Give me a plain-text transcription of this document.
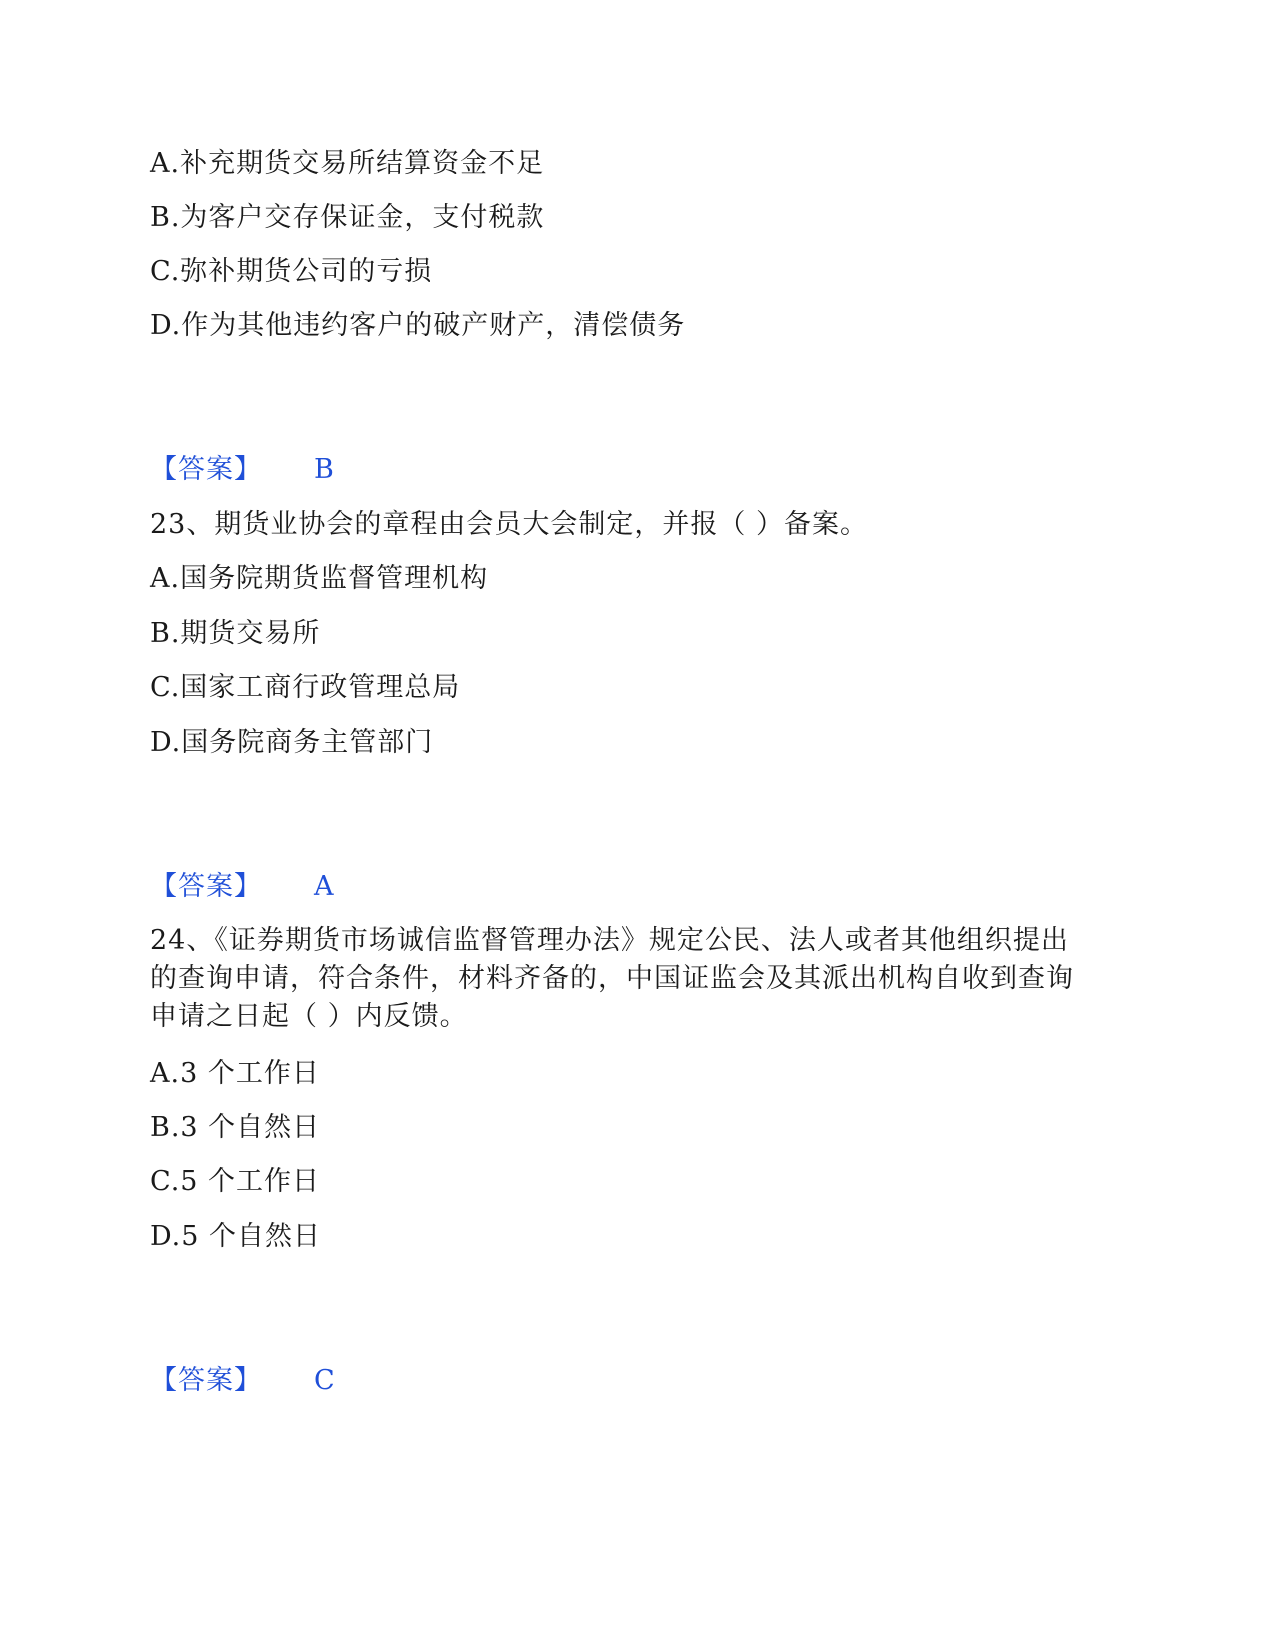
A.补充期货交易所结算资金不足
B.为客户交存保证金，支付税款
C.弥补期货公司的亏损
D.作为其他违约客户的破产财产，清偿债务
【答案】 B
23、期货业协会的章程由会员大会制定，并报（ ）备案。
A.国务院期货监督管理机构
B.期货交易所
C.国家工商行政管理总局
D.国务院商务主管部门
【答案】 A
24、《证券期货市场诚信监督管理办法》规定公民、法人或者其他组织提出
的查询申请，符合条件，材料齐备的，中国证监会及其派出机构自收到查询
申请之日起（ ）内反馈。
A.3 个工作日
B.3 个自然日
C.5 个工作日
D.5 个自然日
【答案】 C
